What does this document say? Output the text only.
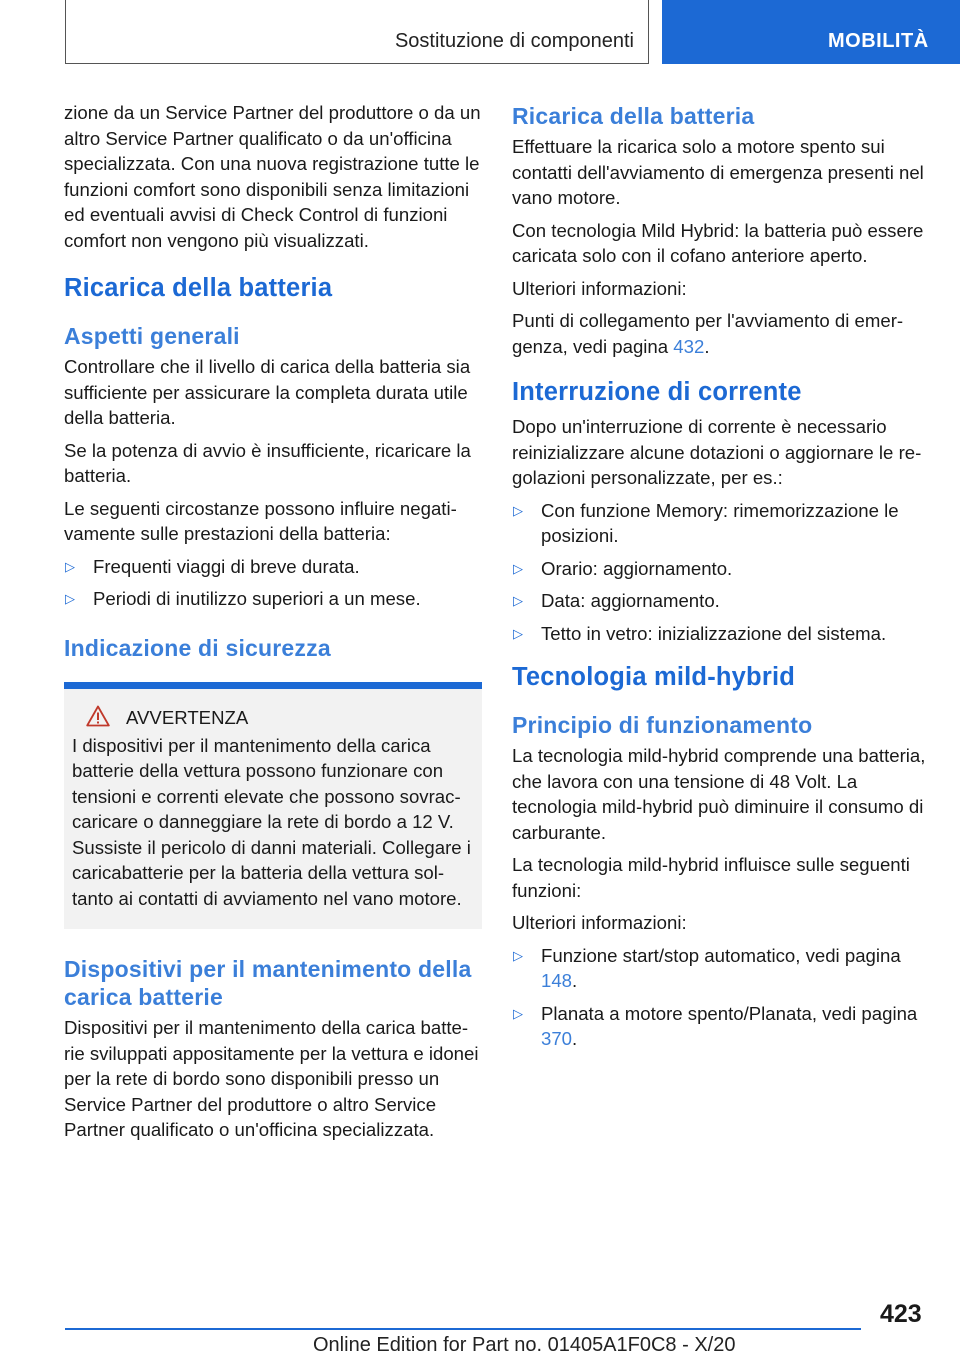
Sostituzione di componenti	MOBILITÀ

zione da un Service Partner del produttore o da un altro Service Partner qualificato o da un'officina specializzata. Con una nuova registrazione tutte le funzioni comfort sono disponibili senza limitazioni ed eventuali avvisi di Check Control di funzioni comfort non vengono più visualizzati.

Ricarica della batteria
Aspetti generali

Controllare che il livello di carica della batteria sia sufficiente per assicurare la completa durata utile della batteria.

Se la potenza di avvio è insufficiente, ricaricare la batteria.

Le seguenti circostanze possono influire negativamente sulle prestazioni della batteria:

▷ Frequenti viaggi di breve durata.
▷ Periodi di inutilizzo superiori a un mese.
Indicazione di sicurezza
AVVERTENZA

I dispositivi per il mantenimento della carica batterie della vettura possono funzionare con tensioni e correnti elevate che possono sovraccaricare o danneggiare la rete di bordo a 12 V. Sussiste il pericolo di danni materiali. Collegare i caricabatterie per la batteria della vettura soltanto ai contatti di avviamento nel vano motore.

Dispositivi per il mantenimento della carica batterie

Dispositivi per il mantenimento della carica batterie sviluppati appositamente per la vettura e idonei per la rete di bordo sono disponibili presso un Service Partner del produttore o altro Service Partner qualificato o un'officina specializzata.

Ricarica della batteria

Effettuare la ricarica solo a motore spento sui contatti dell'avviamento di emergenza presenti nel vano motore.

Con tecnologia Mild Hybrid: la batteria può essere caricata solo con il cofano anteriore aperto.

Ulteriori informazioni:

Punti di collegamento per l'avviamento di emergenza, vedi pagina 432.

Interruzione di corrente

Dopo un'interruzione di corrente è necessario reinizializzare alcune dotazioni o aggiornare le regolazioni personalizzate, per es.:

▷ Con funzione Memory: rimemorizzazione le posizioni.
▷ Orario: aggiornamento.
▷ Data: aggiornamento.
▷ Tetto in vetro: inizializzazione del sistema.
Tecnologia mild-hybrid
Principio di funzionamento

La tecnologia mild-hybrid comprende una batteria, che lavora con una tensione di 48 Volt. La tecnologia mild-hybrid può diminuire il consumo di carburante.

La tecnologia mild-hybrid influisce sulle seguenti funzioni:

Ulteriori informazioni:

▷ Funzione start/stop automatico, vedi pagina 148.
▷ Planata a motore spento/Planata, vedi pagina 370.
423
Online Edition for Part no. 01405A1F0C8 - X/20
